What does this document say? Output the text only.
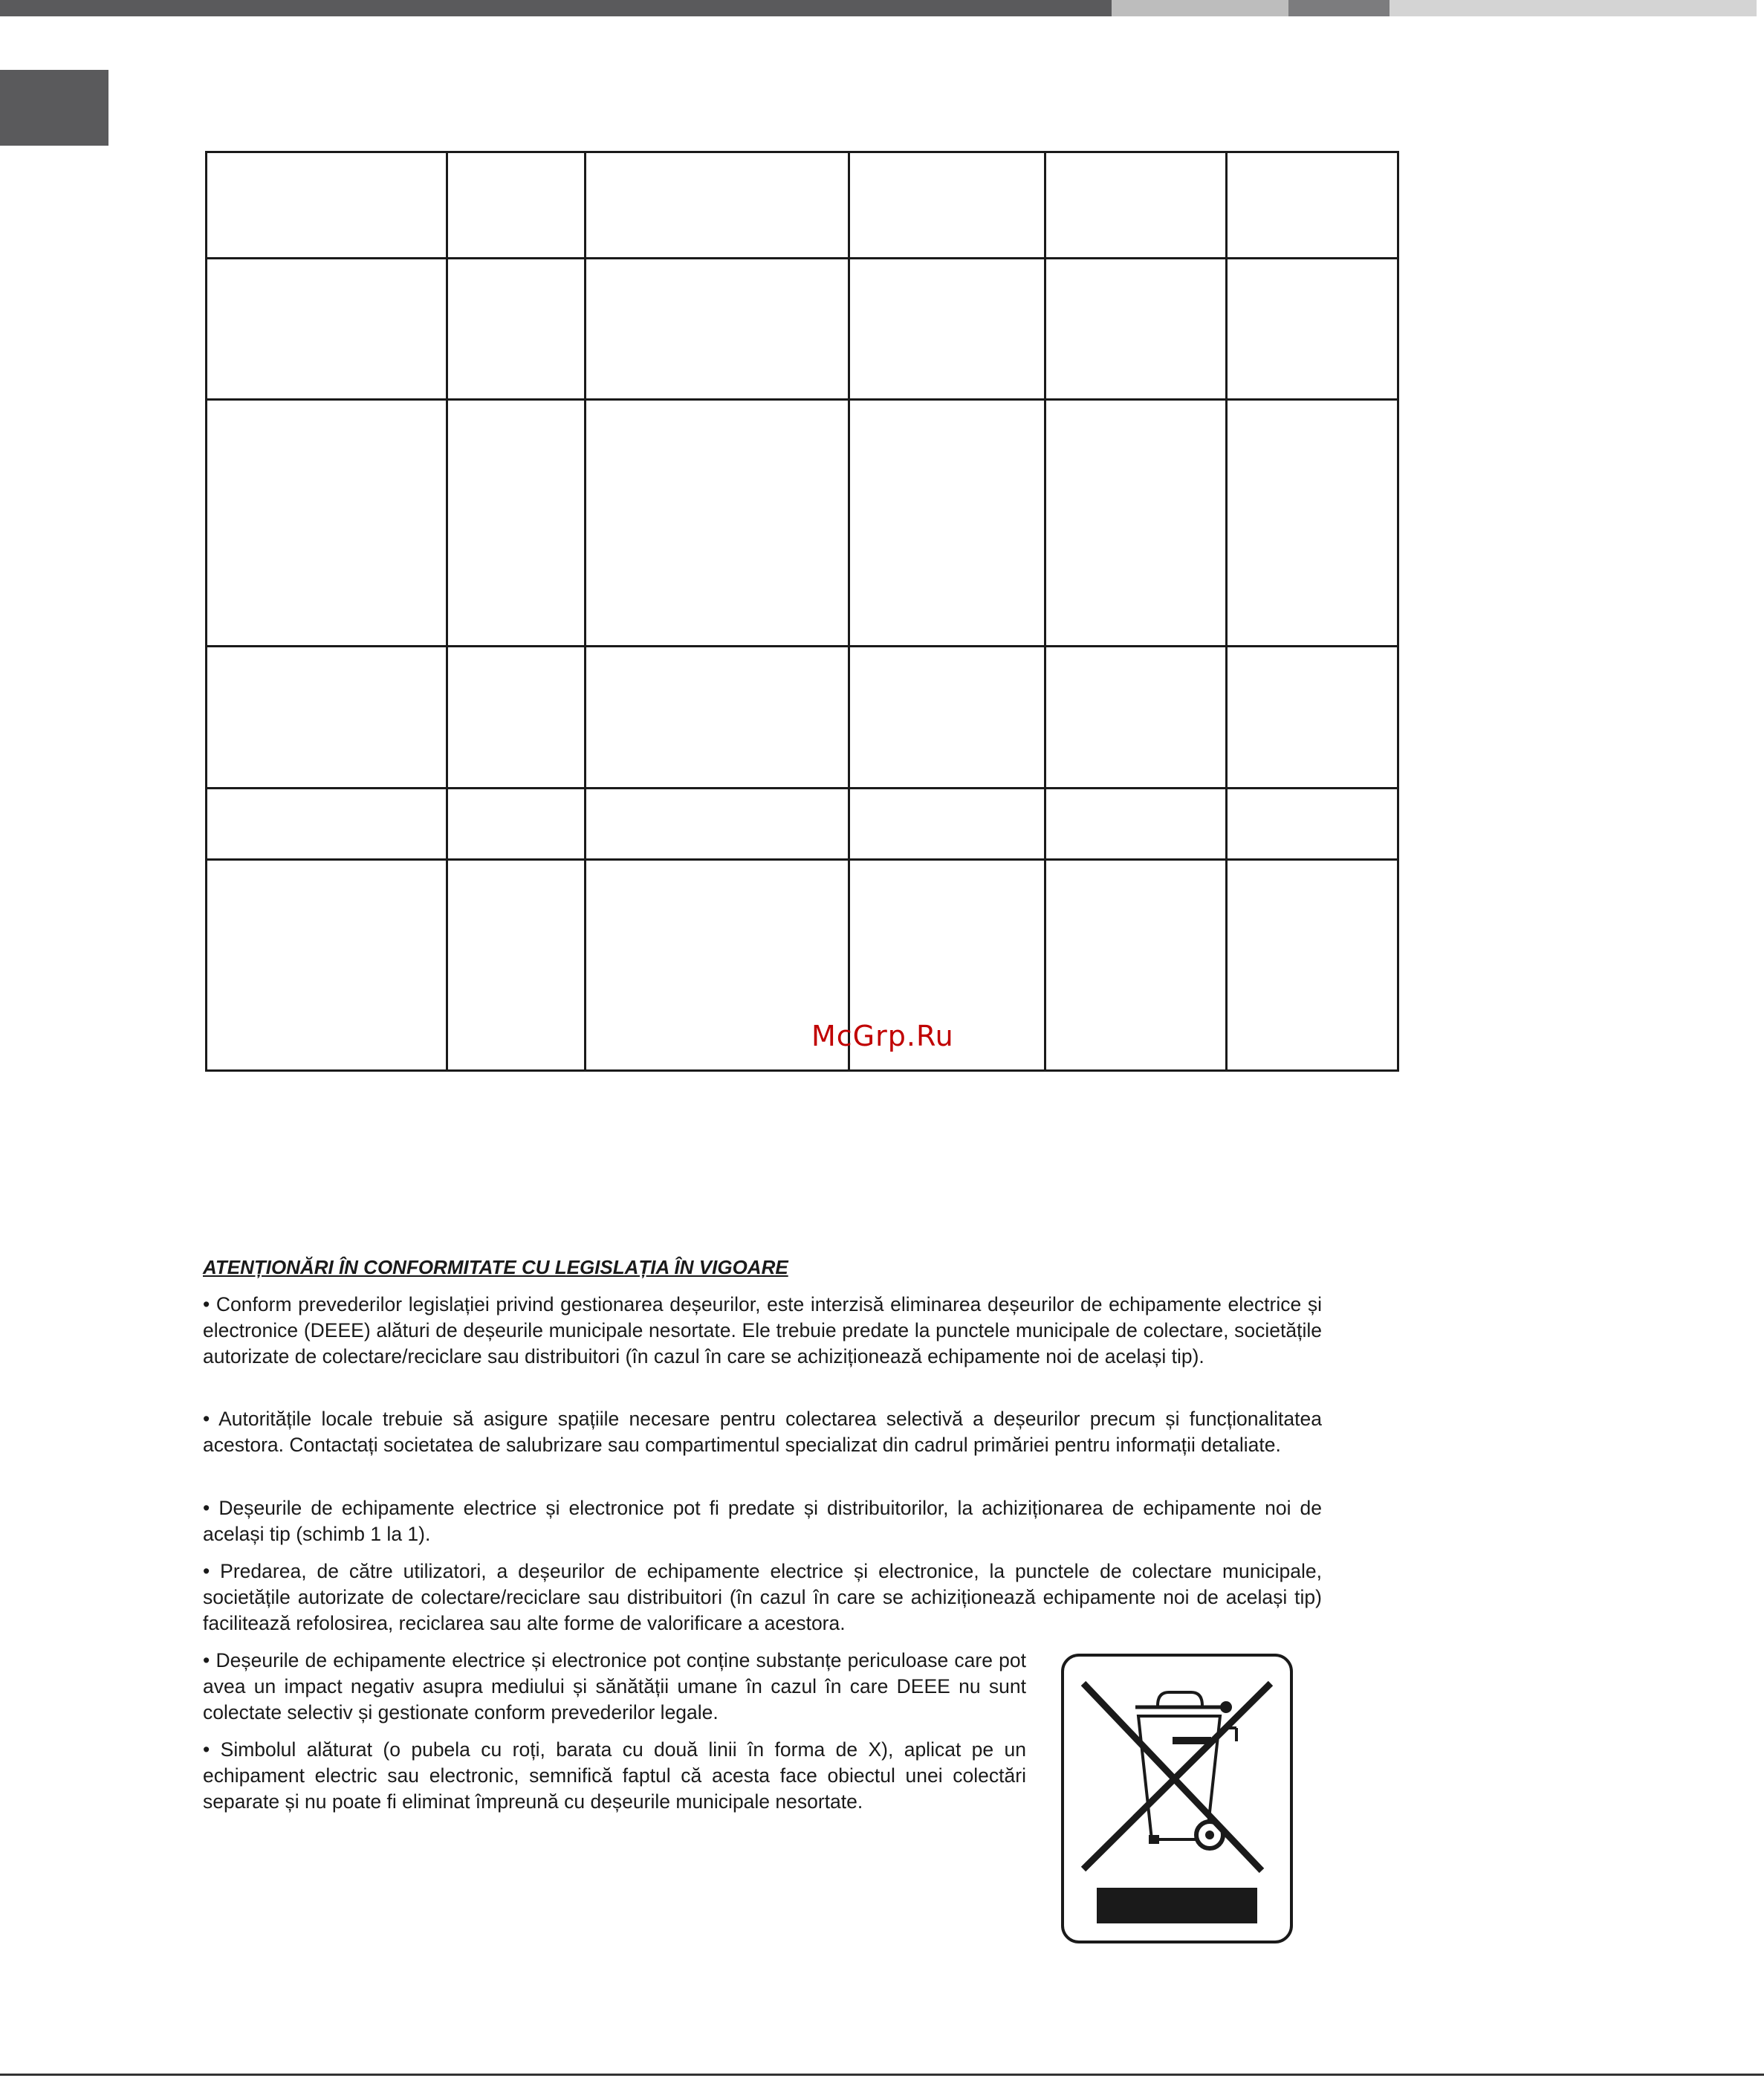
McGrp.Ru
ATENȚIONĂRI ÎN CONFORMITATE CU LEGISLAȚIA ÎN VIGOARE

• Conform prevederilor legislației privind gestionarea deșeurilor, este interzisă eliminarea deșeurilor de echipamente electrice și electronice (DEEE) alături de deșeurile municipale nesortate. Ele trebuie predate la punctele municipale de colectare, societățile autorizate de colectare/reciclare sau distribuitori (în cazul în care se achiziționează echipamente noi de același tip).

• Autoritățile locale trebuie să asigure spațiile necesare pentru colectarea selectivă a deșeurilor precum și funcționalitatea acestora. Contactați societatea de salubrizare sau compartimentul specializat din cadrul primăriei pentru informații detaliate.

• Deșeurile de echipamente electrice și electronice pot fi predate și distribuitorilor, la achiziționarea de echipamente noi de același tip (schimb 1 la 1).

• Predarea, de către utilizatori, a deșeurilor de echipamente electrice și electronice, la punctele de colectare municipale, societățile autorizate de colectare/reciclare sau distribuitori (în cazul în care se achiziționează echipamente noi de același tip) facilitează refolosirea, reciclarea sau alte forme de valorificare a acestora.

• Deșeurile de echipamente electrice și electronice pot conține substanțe periculoase care pot avea un impact negativ asupra mediului și sănătății umane în cazul în care DEEE nu sunt colectate selectiv și gestionate conform prevederilor legale.

• Simbolul alăturat (o pubela cu roți, barata cu două linii în forma de X), aplicat pe un echipament electric sau electronic, semnifică faptul că acesta face obiectul unei colectări separate și nu poate fi eliminat împreună cu deșeurile municipale nesortate.
